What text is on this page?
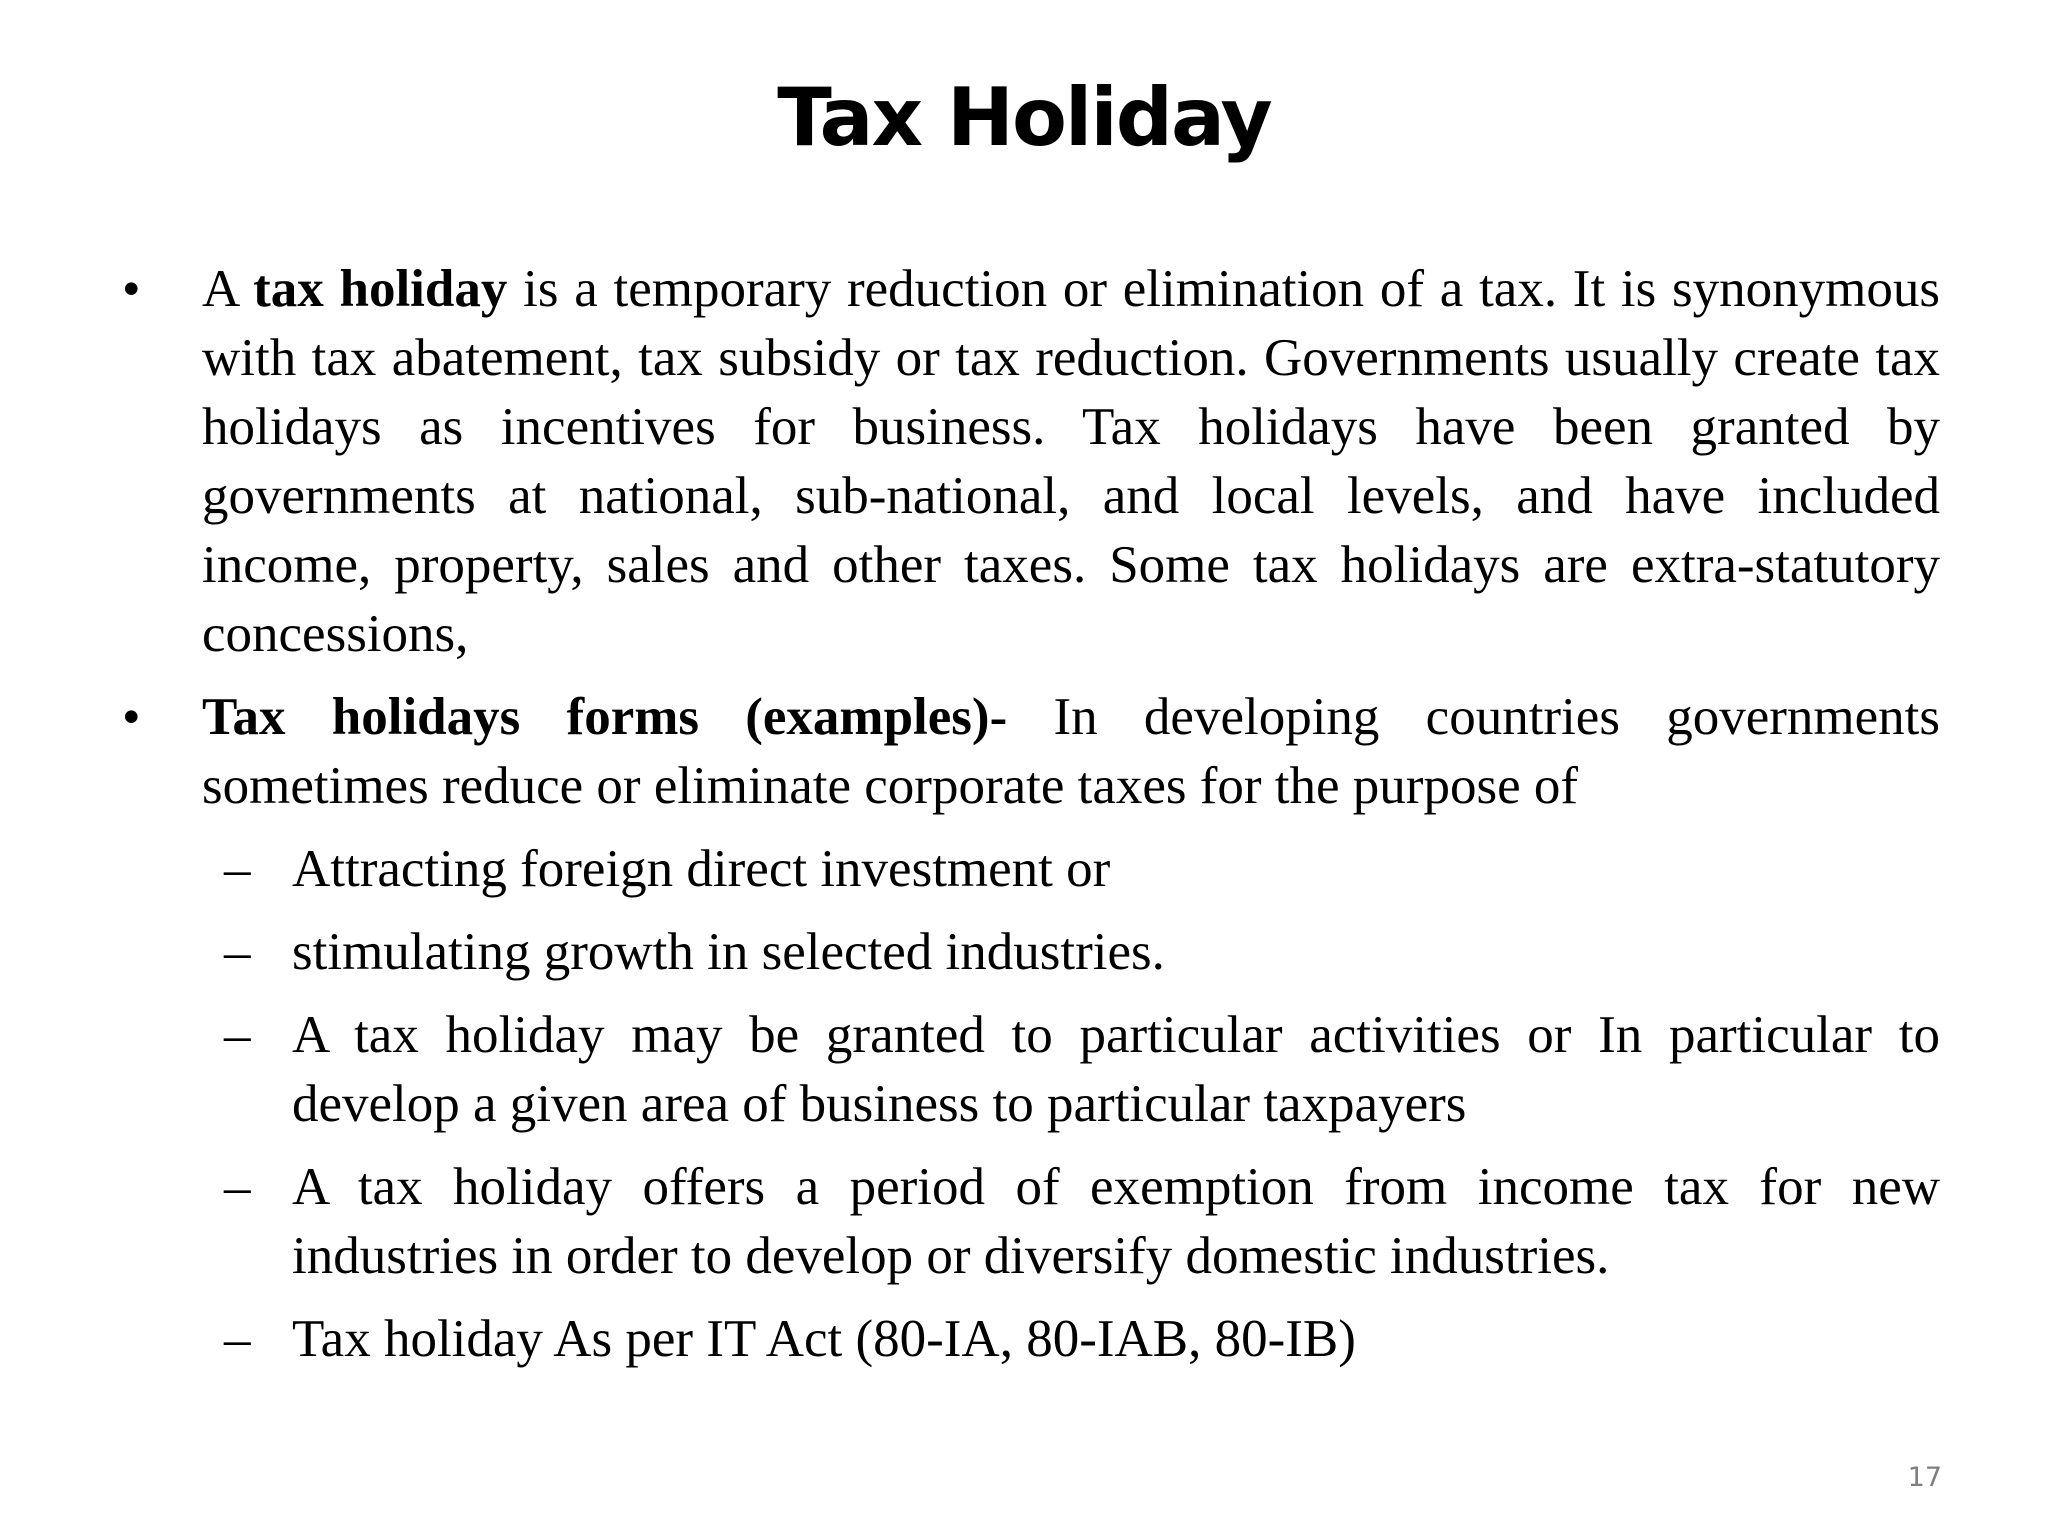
Tax Holiday
• A tax holiday is a temporary reduction or elimination of a tax. It is synonymous with tax abatement, tax subsidy or tax reduction. Governments usually create tax holidays as incentives for business. Tax holidays have been granted by governments at national, sub-national, and local levels, and have included income, property, sales and other taxes. Some tax holidays are extra-statutory concessions,
• Tax holidays forms (examples)- In developing countries governments sometimes reduce or eliminate corporate taxes for the purpose of
– Attracting foreign direct investment or
– stimulating growth in selected industries.
– A tax holiday may be granted to particular activities or In particular to develop a given area of business to particular taxpayers
– A tax holiday offers a period of exemption from income tax for new industries in order to develop or diversify domestic industries.
– Tax holiday As per IT Act (80-IA, 80-IAB, 80-IB)
17
